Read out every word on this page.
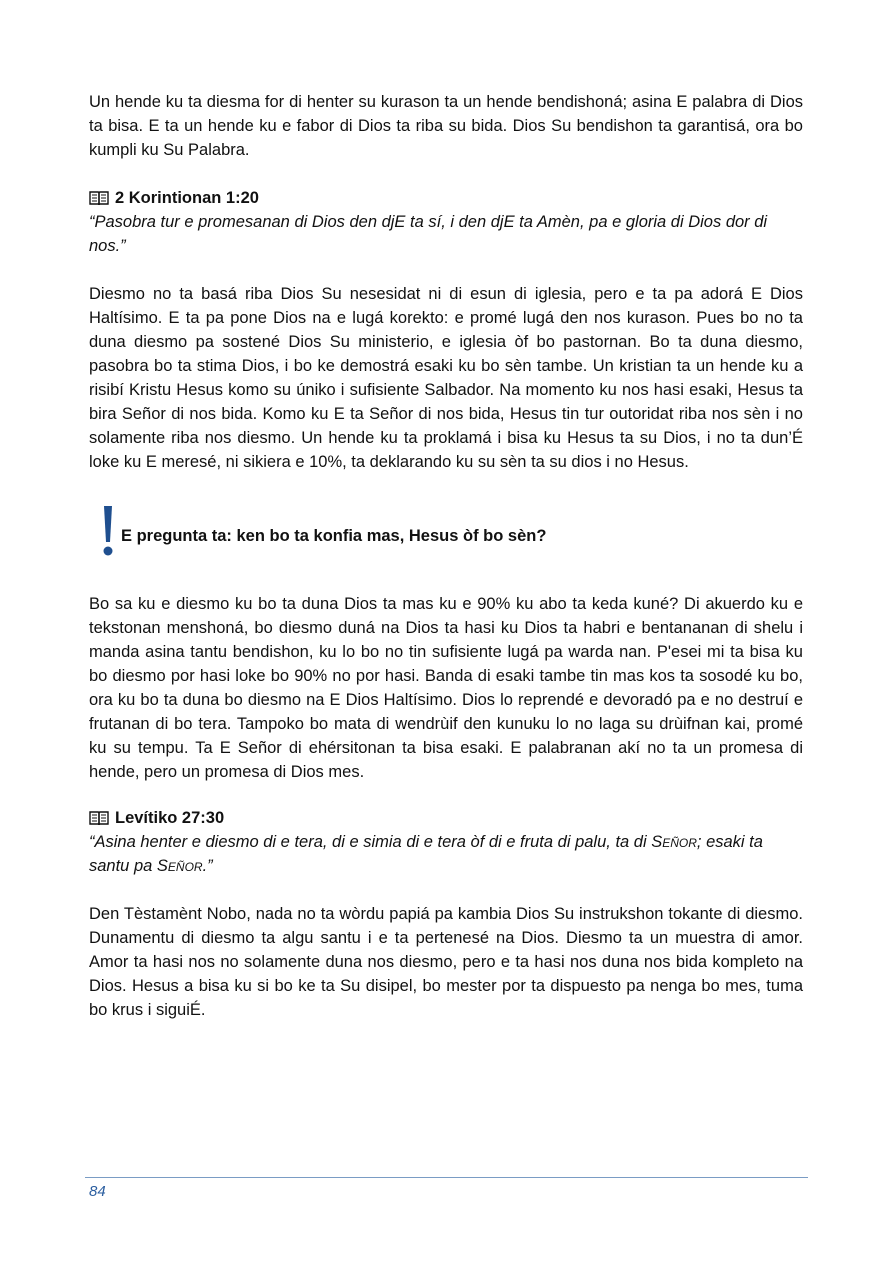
Un hende ku ta diesma for di henter su kurason ta un hende bendishoná; asina E palabra di Dios ta bisa. E ta un hende ku e fabor di Dios ta riba su bida. Dios Su bendishon ta garantisá, ora bo kumpli ku Su Palabra.

2 Korintionan 1:20

“Pasobra tur e promesanan di Dios den djE ta sí, i den djE ta Amèn, pa e gloria di Dios dor di nos.”

Diesmo no ta basá riba Dios Su nesesidat ni di esun di iglesia, pero e ta pa adorá E Dios Haltísimo. E ta pa pone Dios na e lugá korekto: e promé lugá den nos kurason. Pues bo no ta duna diesmo pa sostené Dios Su ministerio, e iglesia òf bo pastornan. Bo ta duna diesmo, pasobra bo ta stima Dios, i bo ke demostrá esaki ku bo sèn tambe. Un kristian ta un hende ku a risibí Kristu Hesus komo su úniko i sufisiente Salbador. Na momento ku nos hasi esaki, Hesus ta bira Señor di nos bida. Komo ku E ta Señor di nos bida, Hesus tin tur outoridat riba nos sèn i no solamente riba nos diesmo. Un hende ku ta proklamá i bisa ku Hesus ta su Dios, i no ta dun’É loke ku E meresé, ni sikiera e 10%, ta deklarando ku su sèn ta su dios i no Hesus.

E pregunta ta: ken bo ta konfia mas, Hesus òf bo sèn?

Bo sa ku e diesmo ku bo ta duna Dios ta mas ku e 90% ku abo ta keda kuné? Di akuerdo ku e tekstonan menshoná, bo diesmo duná na Dios ta hasi ku Dios ta habri e bentananan di shelu i manda asina tantu bendishon, ku lo bo no tin sufisiente lugá pa warda nan. P'esei mi ta bisa ku bo diesmo por hasi loke bo 90% no por hasi. Banda di esaki tambe tin mas kos ta sosodé ku bo, ora ku bo ta duna bo diesmo na E Dios Haltísimo. Dios lo reprendé e devoradó pa e no destruí e frutanan di bo tera. Tampoko bo mata di wendrùif den kunuku lo no laga su drùifnan kai, promé ku su tempu. Ta E Señor di ehérsitonan ta bisa esaki. E palabranan akí no ta un promesa di hende, pero un promesa di Dios mes.

Levítiko 27:30

“Asina henter e diesmo di e tera, di e simia di e tera òf di e fruta di palu, ta di Señor; esaki ta santu pa Señor.”

Den Tèstamènt Nobo, nada no ta wòrdu papiá pa kambia Dios Su instrukshon tokante di diesmo. Dunamentu di diesmo ta algu santu i e ta pertenesé na Dios. Diesmo ta un muestra di amor. Amor ta hasi nos no solamente duna nos diesmo, pero e ta hasi nos duna nos bida kompleto na Dios. Hesus a bisa ku si bo ke ta Su disipel, bo mester por ta dispuesto pa nenga bo mes, tuma bo krus i siguiÉ.

84
